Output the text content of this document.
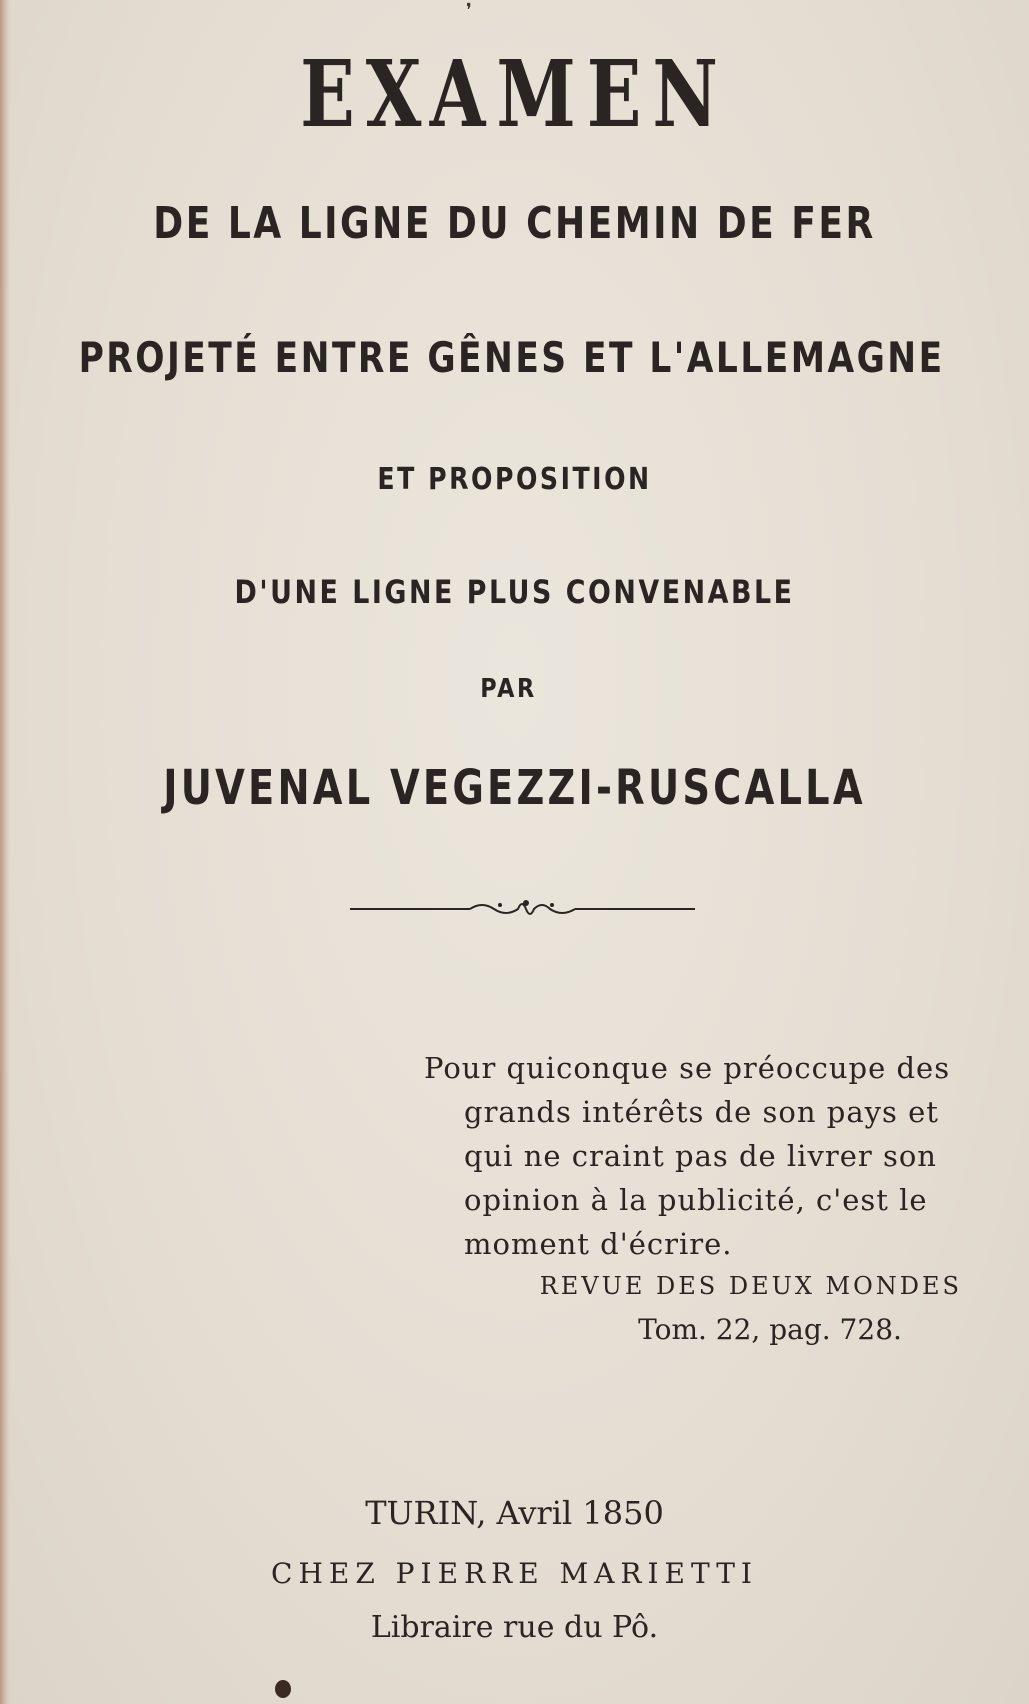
❜
EXAMEN
DE LA LIGNE DU CHEMIN DE FER
PROJETÉ ENTRE GÊNES ET L'ALLEMAGNE
ET PROPOSITION
D'UNE LIGNE PLUS CONVENABLE
PAR
JUVENAL VEGEZZI-RUSCALLA
Pour quiconque se préoccupe des
grands intérêts de son pays et
qui ne craint pas de livrer son
opinion à la publicité, c'est le
moment d'écrire.
REVUE DES DEUX MONDES
Tom. 22, pag. 728.
TURIN, Avril 1850
CHEZ PIERRE MARIETTI
Libraire rue du Pô.
